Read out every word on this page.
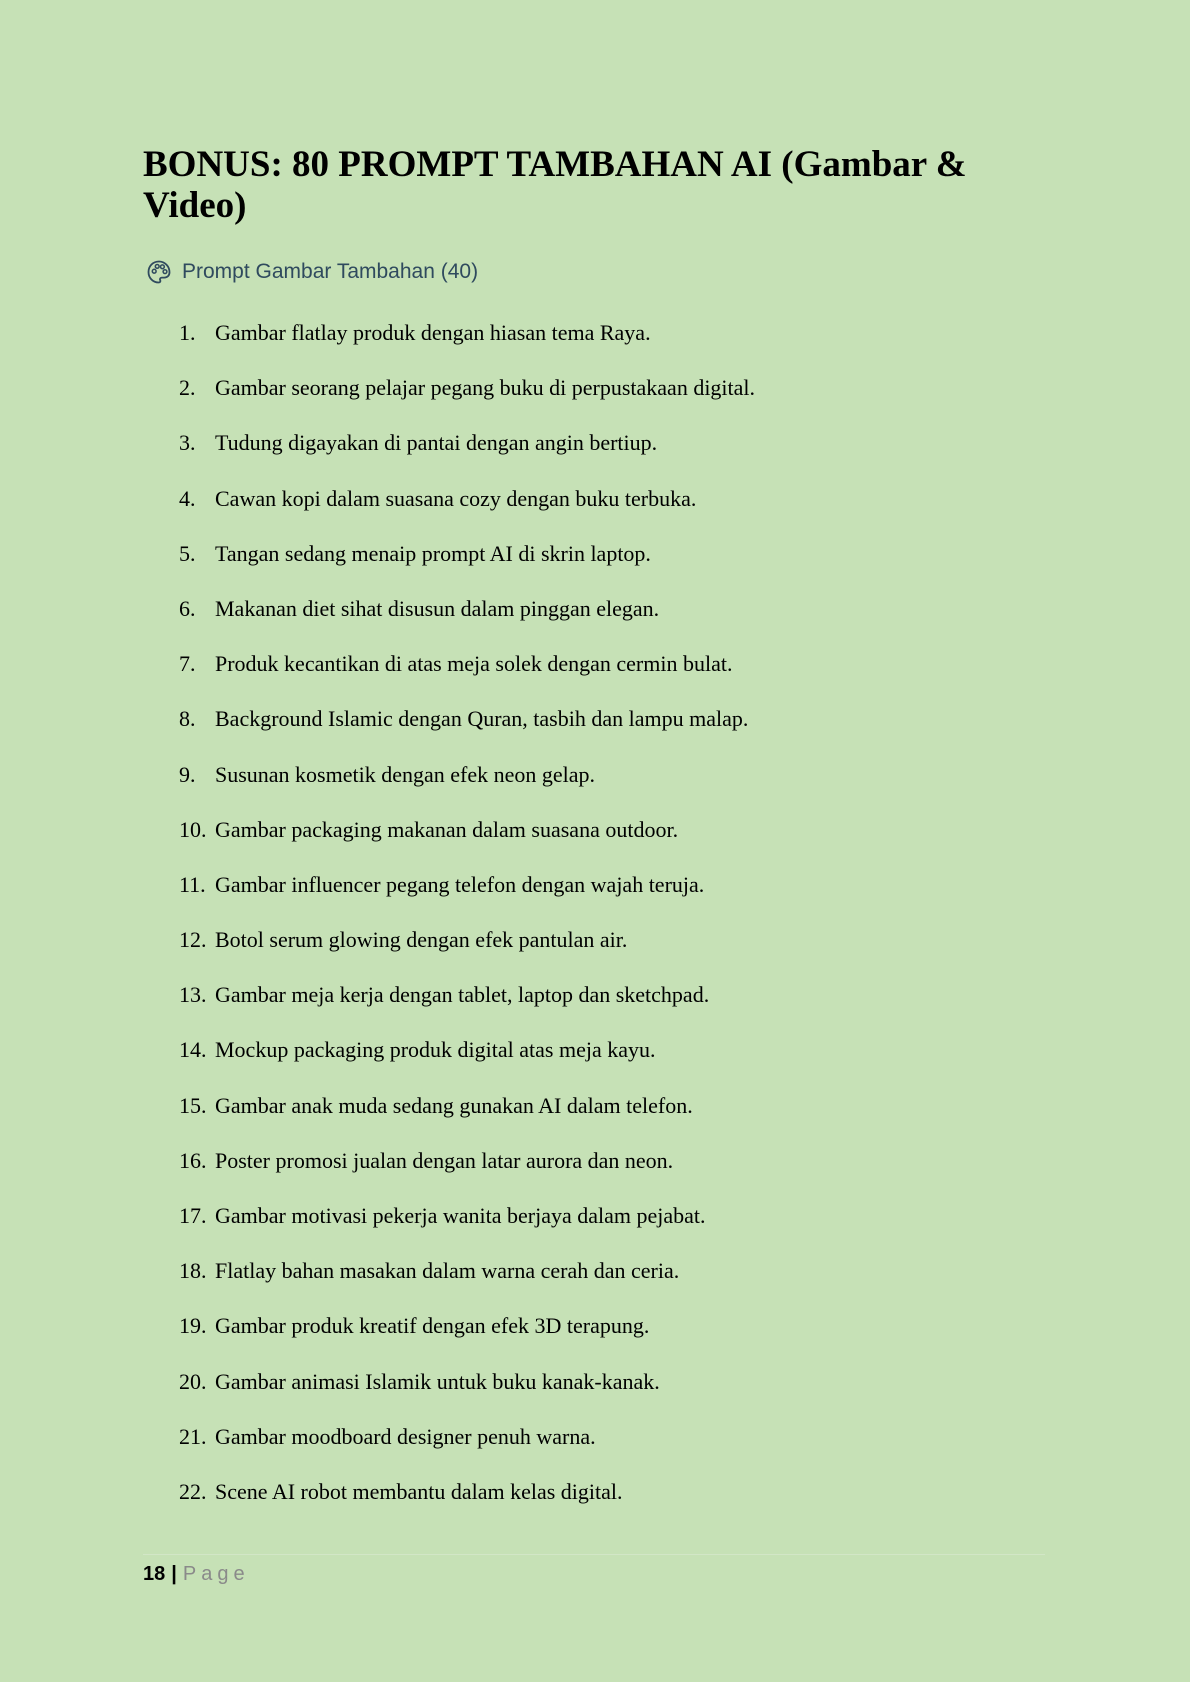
BONUS: 80 PROMPT TAMBAHAN AI (Gambar & Video)
Prompt Gambar Tambahan (40)
1. Gambar flatlay produk dengan hiasan tema Raya.
2. Gambar seorang pelajar pegang buku di perpustakaan digital.
3. Tudung digayakan di pantai dengan angin bertiup.
4. Cawan kopi dalam suasana cozy dengan buku terbuka.
5. Tangan sedang menaip prompt AI di skrin laptop.
6. Makanan diet sihat disusun dalam pinggan elegan.
7. Produk kecantikan di atas meja solek dengan cermin bulat.
8. Background Islamic dengan Quran, tasbih dan lampu malap.
9. Susunan kosmetik dengan efek neon gelap.
10. Gambar packaging makanan dalam suasana outdoor.
11. Gambar influencer pegang telefon dengan wajah teruja.
12. Botol serum glowing dengan efek pantulan air.
13. Gambar meja kerja dengan tablet, laptop dan sketchpad.
14. Mockup packaging produk digital atas meja kayu.
15. Gambar anak muda sedang gunakan AI dalam telefon.
16. Poster promosi jualan dengan latar aurora dan neon.
17. Gambar motivasi pekerja wanita berjaya dalam pejabat.
18. Flatlay bahan masakan dalam warna cerah dan ceria.
19. Gambar produk kreatif dengan efek 3D terapung.
20. Gambar animasi Islamik untuk buku kanak-kanak.
21. Gambar moodboard designer penuh warna.
22. Scene AI robot membantu dalam kelas digital.
18 | Page
